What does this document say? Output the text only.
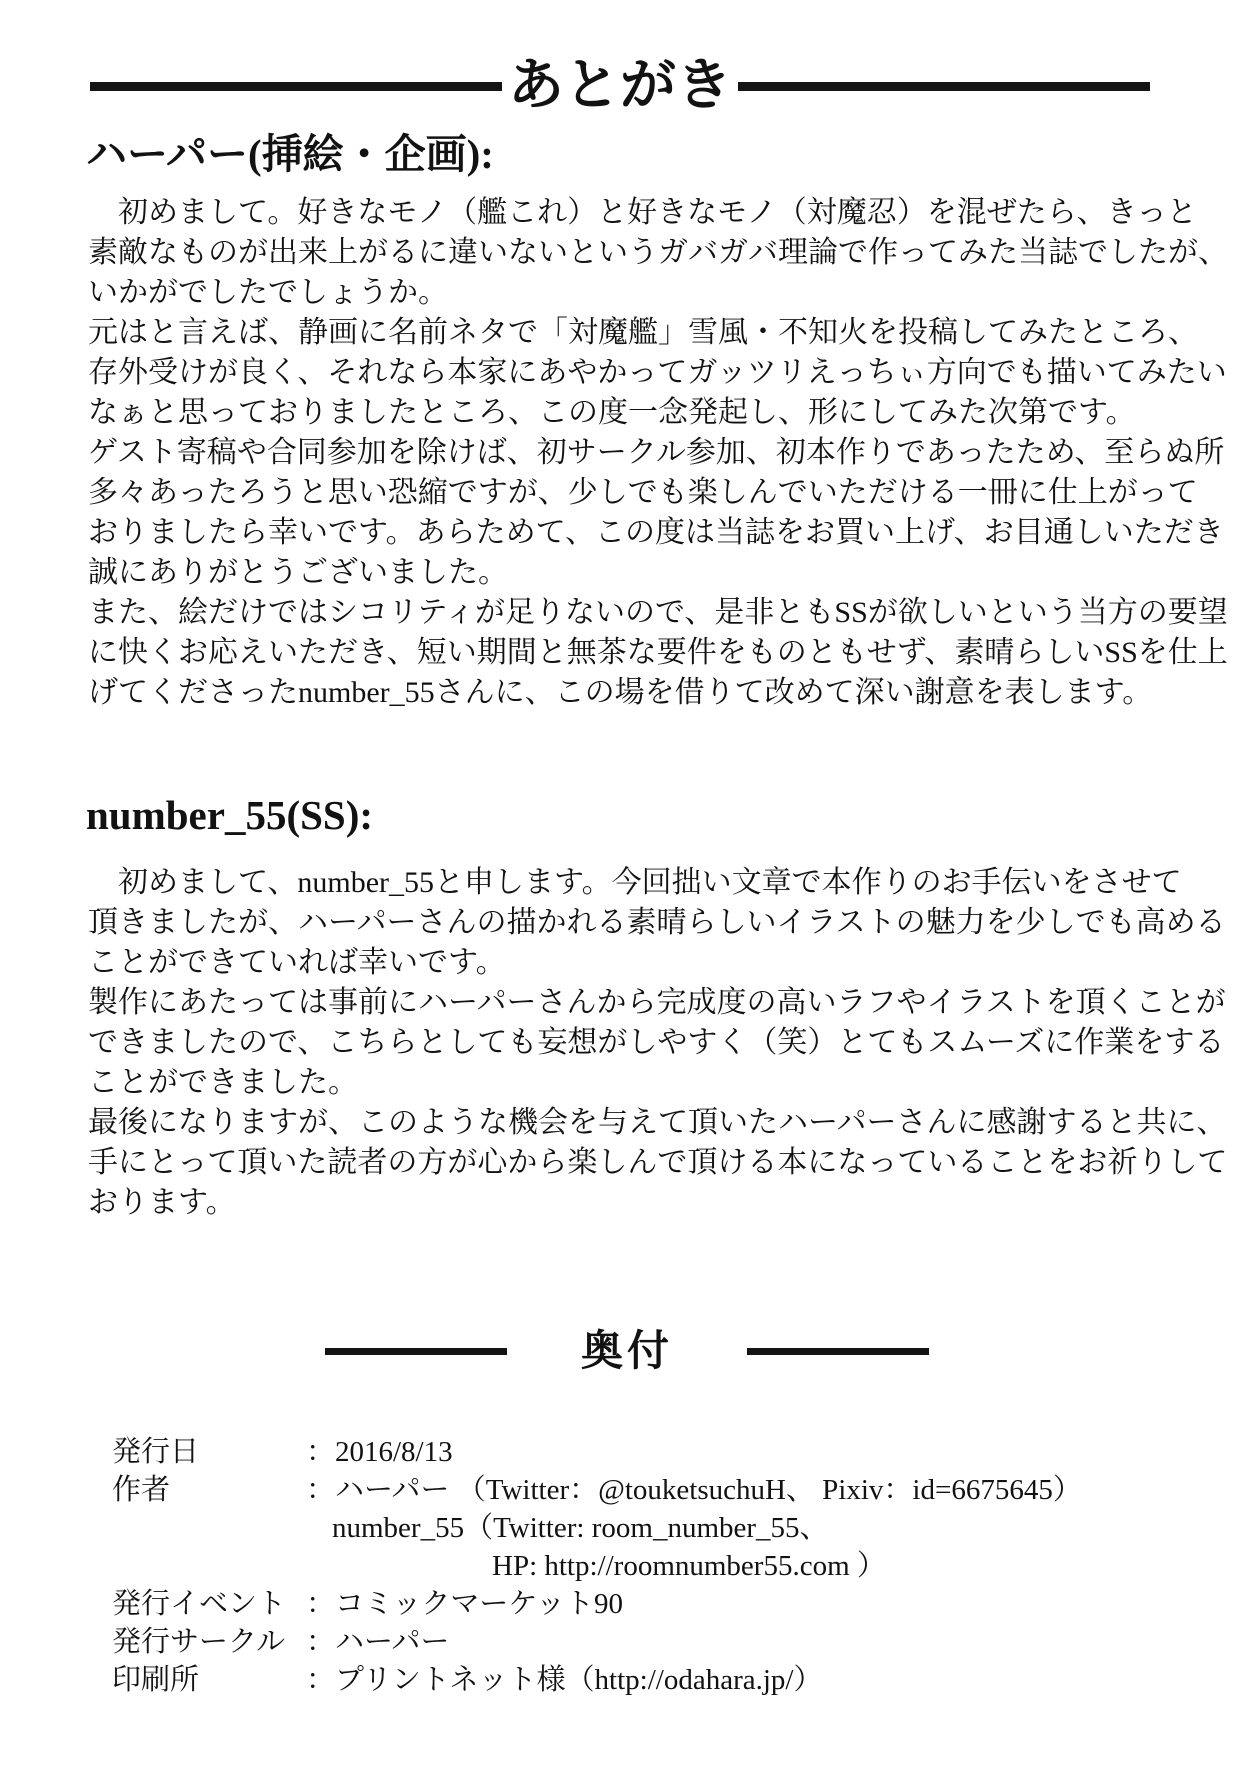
あとがき
ハーパー(挿絵・企画):
　初めまして。好きなモノ（艦これ）と好きなモノ（対魔忍）を混ぜたら、きっと
素敵なものが出来上がるに違いないというガバガバ理論で作ってみた当誌でしたが、
いかがでしたでしょうか。
元はと言えば、静画に名前ネタで「対魔艦」雪風・不知火を投稿してみたところ、
存外受けが良く、それなら本家にあやかってガッツリえっちぃ方向でも描いてみたい
なぁと思っておりましたところ、この度一念発起し、形にしてみた次第です。
ゲスト寄稿や合同参加を除けば、初サークル参加、初本作りであったため、至らぬ所
多々あったろうと思い恐縮ですが、少しでも楽しんでいただける一冊に仕上がって
おりましたら幸いです。あらためて、この度は当誌をお買い上げ、お目通しいただき
誠にありがとうございました。
また、絵だけではシコリティが足りないので、是非ともSSが欲しいという当方の要望
に快くお応えいただき、短い期間と無茶な要件をものともせず、素晴らしいSSを仕上
げてくださったnumber_55さんに、この場を借りて改めて深い謝意を表します。
number_55(SS):
　初めまして、number_55と申します。今回拙い文章で本作りのお手伝いをさせて
頂きましたが、ハーパーさんの描かれる素晴らしいイラストの魅力を少しでも高める
ことができていれば幸いです。
製作にあたっては事前にハーパーさんから完成度の高いラフやイラストを頂くことが
できましたので、こちらとしても妄想がしやすく（笑）とてもスムーズに作業をする
ことができました。
最後になりますが、このような機会を与えて頂いたハーパーさんに感謝すると共に、
手にとって頂いた読者の方が心から楽しんで頂ける本になっていることをお祈りして
おります。
奥付
発行日	：2016/8/13
作者	：ハーパー （Twitter：@touketsuchuH、 Pixiv：id=6675645）
number_55（Twitter: room_number_55、
HP: http://roomnumber55.com ）
発行イベント ：コミックマーケット90
発行サークル ：ハーパー
印刷所	：プリントネット様（http://odahara.jp/）
